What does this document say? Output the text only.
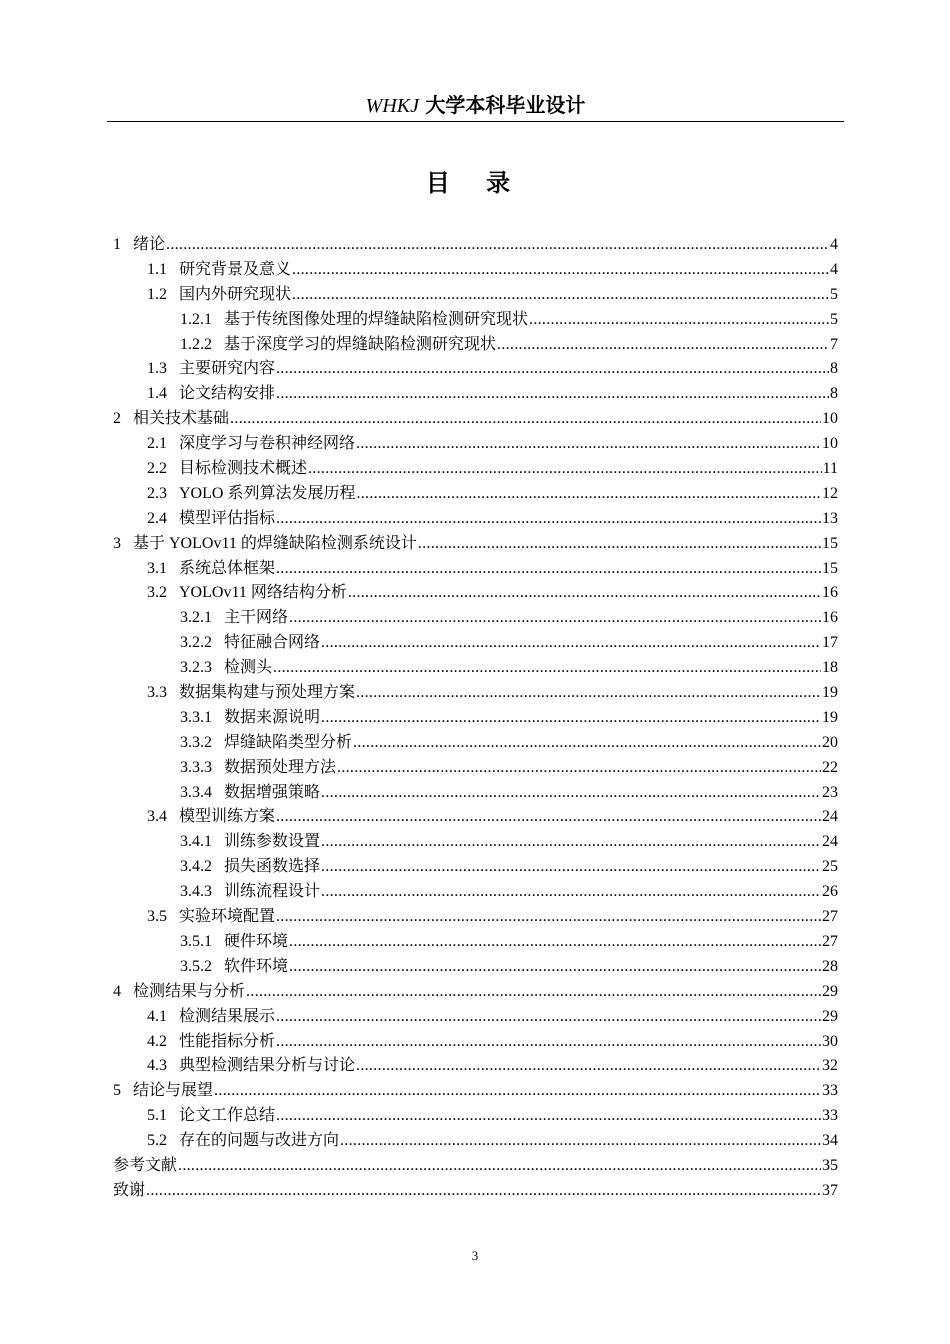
WHKJ 大学本科毕业设计
目 录
1 绪论 .....	4
1.1 研究背景及意义 .....	4
1.2 国内外研究现状 .....	5
1.2.1 基于传统图像处理的焊缝缺陷检测研究现状 .....	5
1.2.2 基于深度学习的焊缝缺陷检测研究现状 .....	7
1.3 主要研究内容 .....	8
1.4 论文结构安排 .....	8
2 相关技术基础 .....	10
2.1 深度学习与卷积神经网络 .....	10
2.2 目标检测技术概述 .....	11
2.3 YOLO 系列算法发展历程 .....	12
2.4 模型评估指标 .....	13
3 基于 YOLOv11 的焊缝缺陷检测系统设计 .....	15
3.1 系统总体框架 .....	15
3.2 YOLOv11 网络结构分析 .....	16
3.2.1 主干网络 .....	16
3.2.2 特征融合网络 .....	17
3.2.3 检测头 .....	18
3.3 数据集构建与预处理方案 .....	19
3.3.1 数据来源说明 .....	19
3.3.2 焊缝缺陷类型分析 .....	20
3.3.3 数据预处理方法 .....	22
3.3.4 数据增强策略 .....	23
3.4 模型训练方案 .....	24
3.4.1 训练参数设置 .....	24
3.4.2 损失函数选择 .....	25
3.4.3 训练流程设计 .....	26
3.5 实验环境配置 .....	27
3.5.1 硬件环境 .....	27
3.5.2 软件环境 .....	28
4 检测结果与分析 .....	29
4.1 检测结果展示 .....	29
4.2 性能指标分析 .....	30
4.3 典型检测结果分析与讨论 .....	32
5 结论与展望 .....	33
5.1 论文工作总结 .....	33
5.2 存在的问题与改进方向 .....	34
参考文献 .....	35
致谢 .....	37
3
